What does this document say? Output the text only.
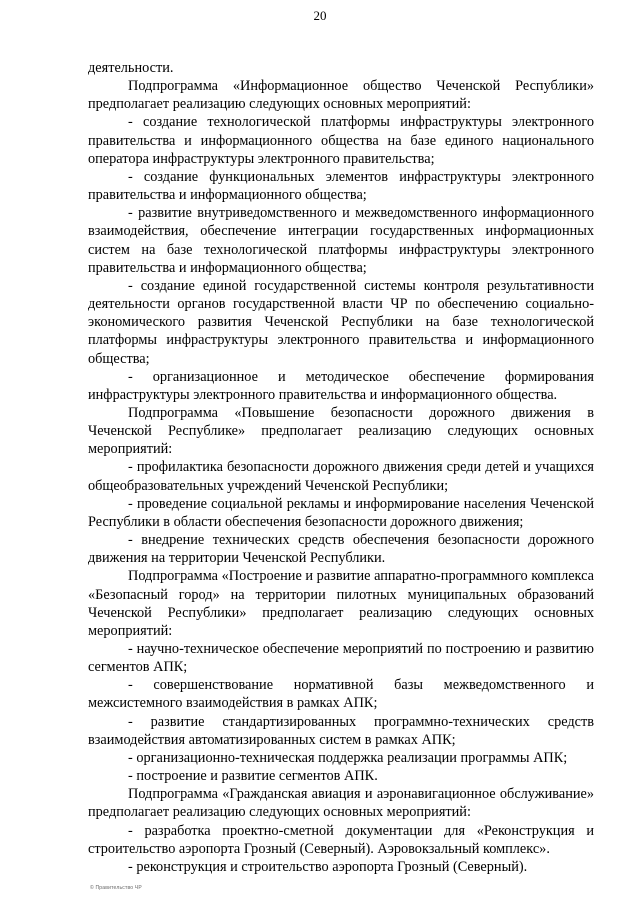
20

деятельности.

Подпрограмма «Информационное общество Чеченской Республики» предполагает реализацию следующих основных мероприятий:

- создание технологической платформы инфраструктуры электронного правительства и информационного общества на базе единого национального оператора инфраструктуры электронного правительства;

- создание функциональных элементов инфраструктуры электронного правительства и информационного общества;

- развитие внутриведомственного и межведомственного информационного взаимодействия, обеспечение интеграции государственных информационных систем на базе технологической платформы инфраструктуры электронного правительства и информационного общества;

- создание единой государственной системы контроля результативности деятельности органов государственной власти ЧР по обеспечению социально-экономического развития Чеченской Республики на базе технологической платформы инфраструктуры электронного правительства и информационного общества;

- организационное и методическое обеспечение формирования инфраструктуры электронного правительства и информационного общества.

Подпрограмма «Повышение безопасности дорожного движения в Чеченской Республике» предполагает реализацию следующих основных мероприятий:

- профилактика безопасности дорожного движения среди детей и учащихся общеобразовательных учреждений Чеченской Республики;

- проведение социальной рекламы и информирование населения Чеченской Республики в области обеспечения безопасности дорожного движения;

- внедрение технических средств обеспечения безопасности дорожного движения на территории Чеченской Республики.

Подпрограмма «Построение и развитие аппаратно-программного комплекса «Безопасный город» на территории пилотных муниципальных образований Чеченской Республики» предполагает реализацию следующих основных мероприятий:

- научно-техническое обеспечение мероприятий по построению и развитию сегментов АПК;

- совершенствование нормативной базы межведомственного и межсистемного взаимодействия в рамках АПК;

- развитие стандартизированных программно-технических средств взаимодействия автоматизированных систем в рамках АПК;

- организационно-техническая поддержка реализации программы АПК;

- построение и развитие сегментов АПК.

Подпрограмма «Гражданская авиация и аэронавигационное обслуживание» предполагает реализацию следующих основных мероприятий:

- разработка проектно-сметной документации для «Реконструкция и строительство аэропорта Грозный (Северный). Аэровокзальный комплекс».

- реконструкция и строительство аэропорта Грозный (Северный).

© Правительство ЧР
